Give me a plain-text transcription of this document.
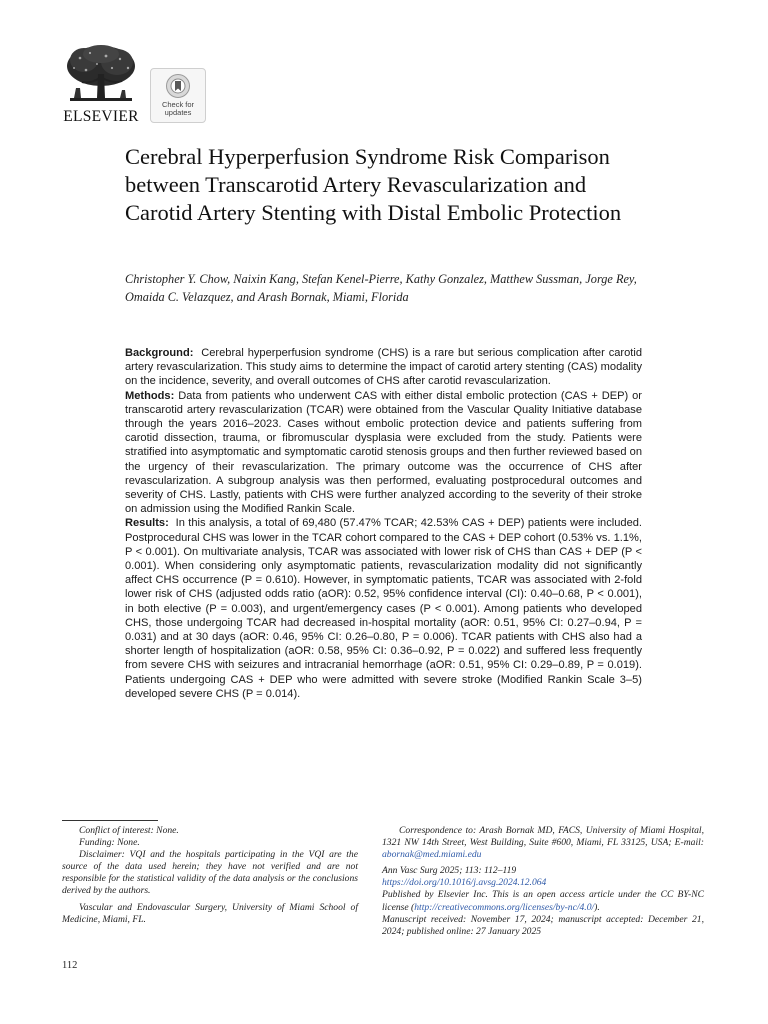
ELSEVIER
Check for
updates
Cerebral Hyperperfusion Syndrome Risk Comparison between Transcarotid Artery Revascularization and Carotid Artery Stenting with Distal Embolic Protection

Christopher Y. Chow, Naixin Kang, Stefan Kenel-Pierre, Kathy Gonzalez, Matthew Sussman, Jorge Rey, Omaida C. Velazquez, and Arash Bornak, Miami, Florida

Background: Cerebral hyperperfusion syndrome (CHS) is a rare but serious complication after carotid artery revascularization. This study aims to determine the impact of carotid artery stenting (CAS) modality on the incidence, severity, and overall outcomes of CHS after carotid revascularization.

Methods: Data from patients who underwent CAS with either distal embolic protection (CAS + DEP) or transcarotid artery revascularization (TCAR) were obtained from the Vascular Quality Initiative database through the years 2016–2023. Cases without embolic protection device and patients suffering from carotid dissection, trauma, or fibromuscular dysplasia were excluded from the study. Patients were stratified into asymptomatic and symptomatic carotid stenosis groups and then further reviewed based on the urgency of their revascularization. The primary outcome was the occurrence of CHS after revascularization. A subgroup analysis was then performed, evaluating postprocedural outcomes and severity of CHS. Lastly, patients with CHS were further analyzed according to the severity of their stroke on admission using the Modified Rankin Scale.

Results: In this analysis, a total of 69,480 (57.47% TCAR; 42.53% CAS + DEP) patients were included. Postprocedural CHS was lower in the TCAR cohort compared to the CAS + DEP cohort (0.53% vs. 1.1%, P < 0.001). On multivariate analysis, TCAR was associated with lower risk of CHS than CAS + DEP (P < 0.001). When considering only asymptomatic patients, revascularization modality did not significantly affect CHS occurrence (P = 0.610). However, in symptomatic patients, TCAR was associated with 2-fold lower risk of CHS (adjusted odds ratio (aOR): 0.52, 95% confidence interval (CI): 0.40–0.68, P < 0.001), in both elective (P = 0.003), and urgent/emergency cases (P < 0.001). Among patients who developed CHS, those undergoing TCAR had decreased in-hospital mortality (aOR: 0.51, 95% CI: 0.27–0.94, P = 0.031) and at 30 days (aOR: 0.46, 95% CI: 0.26–0.80, P = 0.006). TCAR patients with CHS also had a shorter length of hospitalization (aOR: 0.58, 95% CI: 0.36–0.92, P = 0.022) and suffered less frequently from severe CHS with seizures and intracranial hemorrhage (aOR: 0.51, 95% CI: 0.29–0.89, P = 0.019). Patients undergoing CAS + DEP who were admitted with severe stroke (Modified Rankin Scale 3–5) developed severe CHS (P = 0.014).

Conflict of interest: None.

Funding: None.

Disclaimer: VQI and the hospitals participating in the VQI are the source of the data used herein; they have not verified and are not responsible for the statistical validity of the data analysis or the conclusions derived by the authors.

Vascular and Endovascular Surgery, University of Miami School of Medicine, Miami, FL.

Correspondence to: Arash Bornak MD, FACS, University of Miami Hospital, 1321 NW 14th Street, West Building, Suite #600, Miami, FL 33125, USA; E-mail: abornak@med.miami.edu

Ann Vasc Surg 2025; 113: 112–119

https://doi.org/10.1016/j.avsg.2024.12.064

Published by Elsevier Inc. This is an open access article under the CC BY-NC license (http://creativecommons.org/licenses/by-nc/4.0/).

Manuscript received: November 17, 2024; manuscript accepted: December 21, 2024; published online: 27 January 2025

112
